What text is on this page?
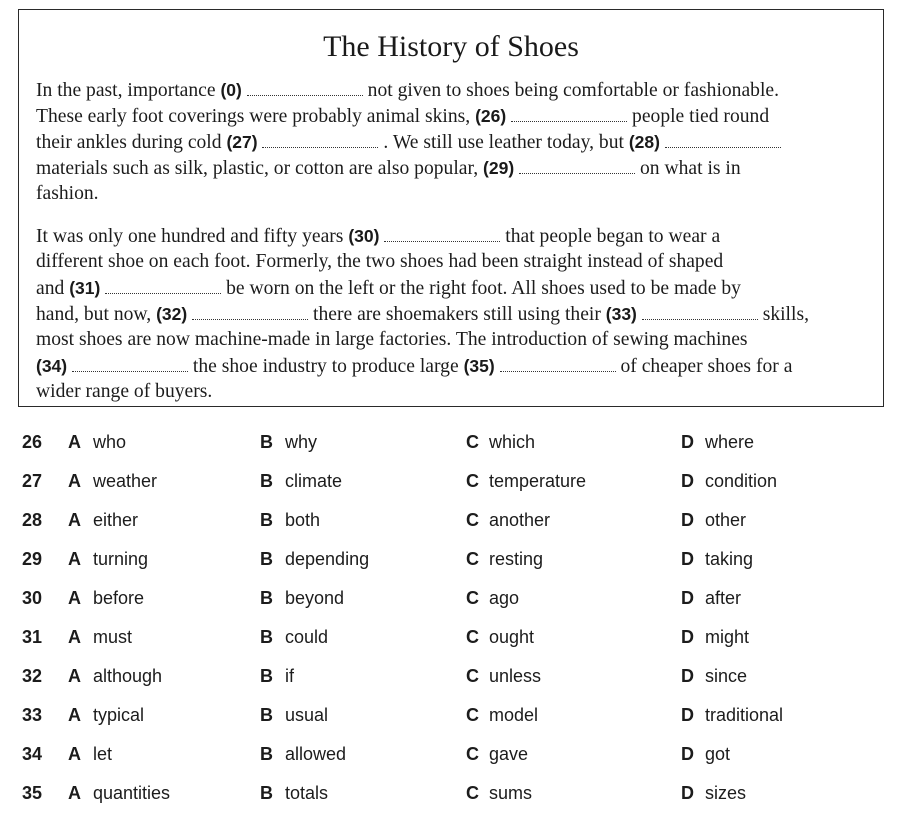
The History of Shoes
In the past, importance (0)	not given to shoes being comfortable or fashionable.
These early foot coverings were probably animal skins, (26)	people tied round
their ankles during cold (27)	. We still use leather today, but (28)
materials such as silk, plastic, or cotton are also popular, (29)	on what is in
fashion.
It was only one hundred and fifty years (30)	that people began to wear a
different shoe on each foot. Formerly, the two shoes had been straight instead of shaped
and (31)	be worn on the left or the right foot. All shoes used to be made by
hand, but now, (32)	there are shoemakers still using their (33)	skills,
most shoes are now machine-made in large factories. The introduction of sewing machines
(34)	the shoe industry to produce large (35)	of cheaper shoes for a
wider range of buyers.
26 A who	B why	C which	D where
27 A weather	B climate	C temperature	D condition
28 A either	B both	C another	D other
29 A turning	B depending	C resting	D taking
30 A before	B beyond	C ago	D after
31 A must	B could	C ought	D might
32 A although	B if	C unless	D since
33 A typical	B usual	C model	D traditional
34 A let	B allowed	C gave	D got
35 A quantities	B totals	C sums	D sizes
